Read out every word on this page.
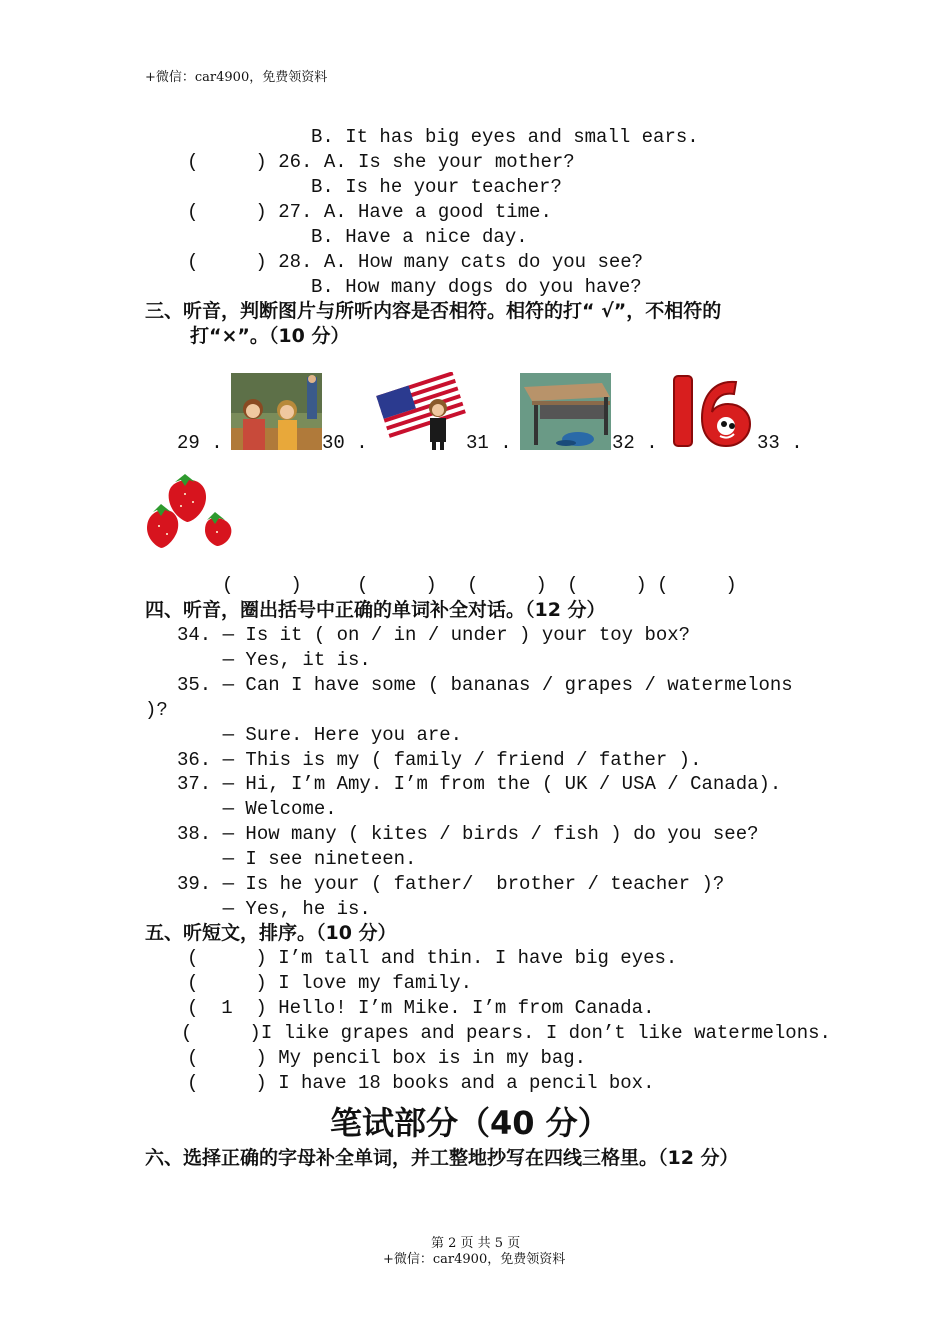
+微信：car4900，免费领资料
B. It has big eyes and small ears.
(     ) 26. A. Is she your mother?
B. Is he your teacher?
(     ) 27. A. Have a good time.
B. Have a nice day.
(     ) 28. A. How many cats do you see?
B. How many dogs do you have?
三、听音，判断图片与所听内容是否相符。相符的打“ √”，不相符的
打“×”。（10 分）
29 .	30 .	31 .	32 .	33 .
(     )	(     ) (     ) (     ) (     )
四、听音，圈出括号中正确的单词补全对话。（12 分）
34. — Is it ( on / in / under ) your toy box?
— Yes, it is.
35. — Can I have some ( bananas / grapes / watermelons
)?
— Sure. Here you are.
36. — This is my ( family / friend / father ).
37. — Hi, I’m Amy. I’m from the ( UK / USA / Canada).
— Welcome.
38. — How many ( kites / birds / fish ) do you see?
— I see nineteen.
39. — Is he your ( father/  brother / teacher )?
— Yes, he is.
五、听短文，排序。（10 分）
(     ) I’m tall and thin. I have big eyes.
(     ) I love my family.
(  1  ) Hello! I’m Mike. I’m from Canada.
(     )I like grapes and pears. I don’t like watermelons.
(     ) My pencil box is in my bag.
(     ) I have 18 books and a pencil box.
笔试部分（40 分）
六、选择正确的字母补全单词，并工整地抄写在四线三格里。（12 分）
第 2 页 共 5 页
+微信：car4900，免费领资料
